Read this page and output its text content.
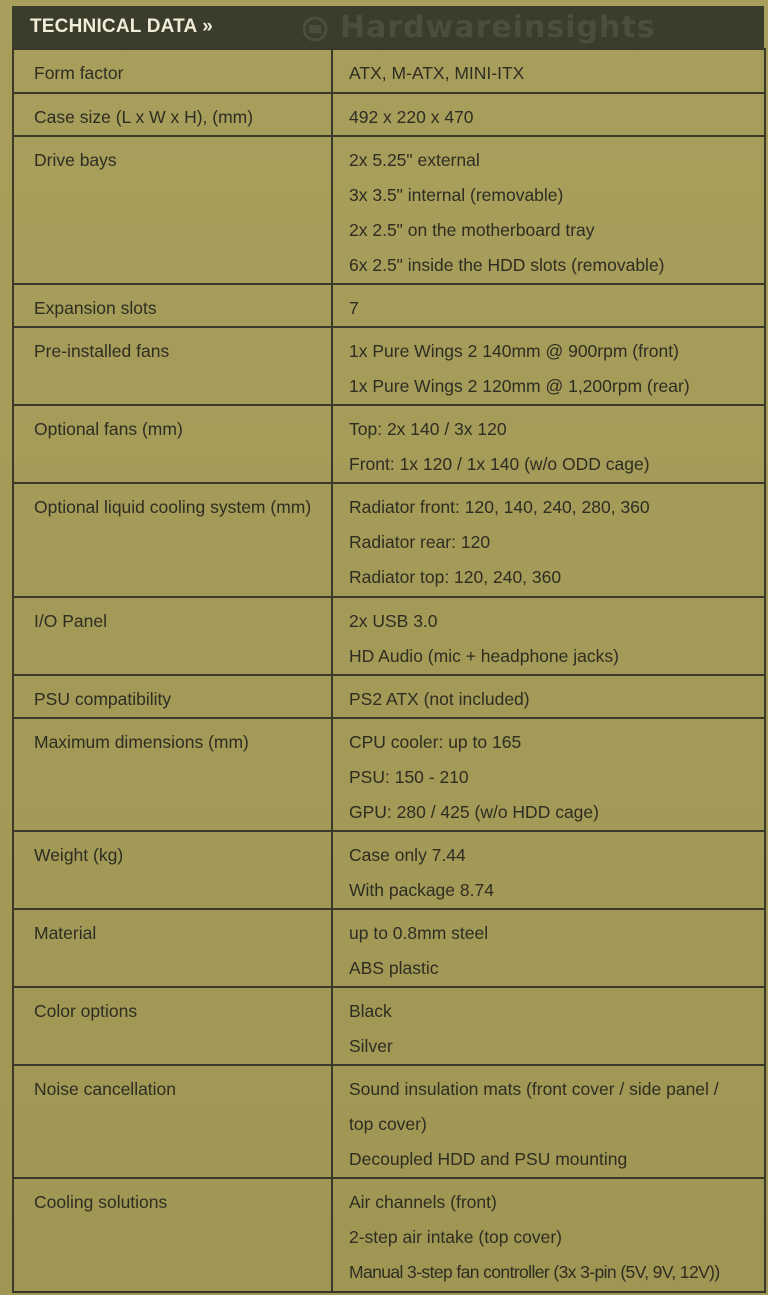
TECHNICAL DATA »	Hardwareinsights
Form factor	ATX, M-ATX, MINI-ITX

Case size (L x W x H), (mm)	492 x 220 x 470

Drive bays	2x 5.25" external
3x 3.5" internal (removable)
2x 2.5" on the motherboard tray
6x 2.5" inside the HDD slots (removable)

Expansion slots	7

Pre-installed fans	1x Pure Wings 2 140mm @ 900rpm (front)
1x Pure Wings 2 120mm @ 1,200rpm (rear)

Optional fans (mm)	Top: 2x 140 / 3x 120
Front: 1x 120 / 1x 140 (w/o ODD cage)

Optional liquid cooling system (mm)	Radiator front: 120, 140, 240, 280, 360
Radiator rear: 120
Radiator top: 120, 240, 360

I/O Panel	2x USB 3.0
HD Audio (mic + headphone jacks)

PSU compatibility	PS2 ATX (not included)

Maximum dimensions (mm)	CPU cooler: up to 165
PSU: 150 - 210
GPU: 280 / 425 (w/o HDD cage)

Weight (kg)	Case only 7.44
With package 8.74

Material	up to 0.8mm steel
ABS plastic

Color options	Black
Silver

Noise cancellation	Sound insulation mats (front cover / side panel /
top cover)
Decoupled HDD and PSU mounting

Cooling solutions	Air channels (front)
2-step air intake (top cover)
Manual 3-step fan controller (3x 3-pin (5V, 9V, 12V))
